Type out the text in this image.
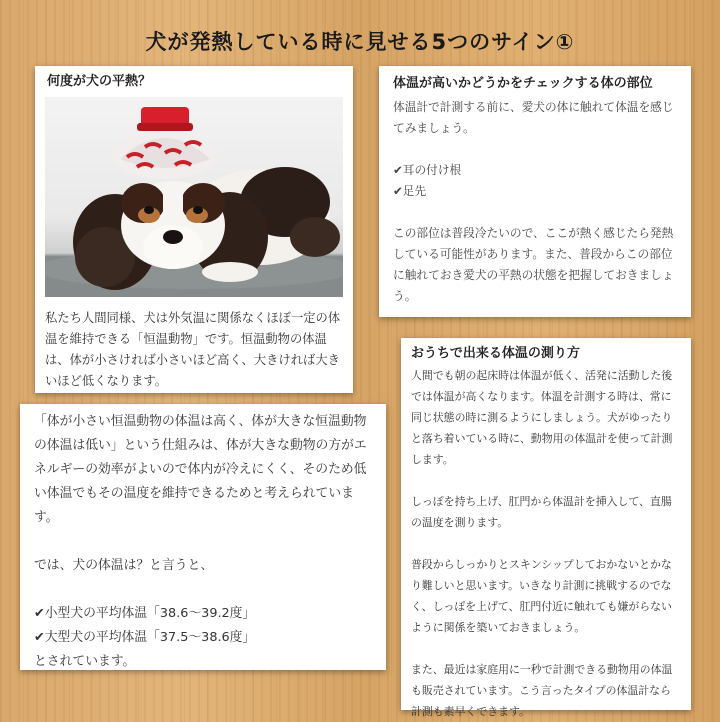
犬が発熱している時に見せる5つのサイン①
何度が犬の平熱？
私たち人間同様、犬は外気温に関係なくほぼ一定の体温を維持できる「恒温動物」です。恒温動物の体温は、体が小さければ小さいほど高く、大きければ大きいほど低くなります。
体温が高いかどうかをチェックする体の部位
体温計で計測する前に、愛犬の体に触れて体温を感じてみましょう。

✔耳の付け根
✔足先

この部位は普段冷たいので、ここが熱く感じたら発熱している可能性があります。また、普段からこの部位に触れておき愛犬の平熱の状態を把握しておきましょう。
「体が小さい恒温動物の体温は高く、体が大きな恒温動物の体温は低い」という仕組みは、体が大きな動物の方がエネルギーの効率がよいので体内が冷えにくく、そのため低い体温でもその温度を維持できるためと考えられています。

では、犬の体温は？と言うと、

✔小型犬の平均体温「38.6～39.2度」
✔大型犬の平均体温「37.5～38.6度」
とされています。
おうちで出来る体温の測り方
人間でも朝の起床時は体温が低く、活発に活動した後では体温が高くなります。体温を計測する時は、常に同じ状態の時に測るようにしましょう。犬がゆったりと落ち着いている時に、動物用の体温計を使って計測します。

しっぽを持ち上げ、肛門から体温計を挿入して、直腸の温度を測ります。

普段からしっかりとスキンシップしておかないとかなり難しいと思います。いきなり計測に挑戦するのでなく、しっぽを上げて、肛門付近に触れても嫌がらないように関係を築いておきましょう。

また、最近は家庭用に一秒で計測できる動物用の体温も販売されています。こう言ったタイプの体温計なら計測も素早くできます。
